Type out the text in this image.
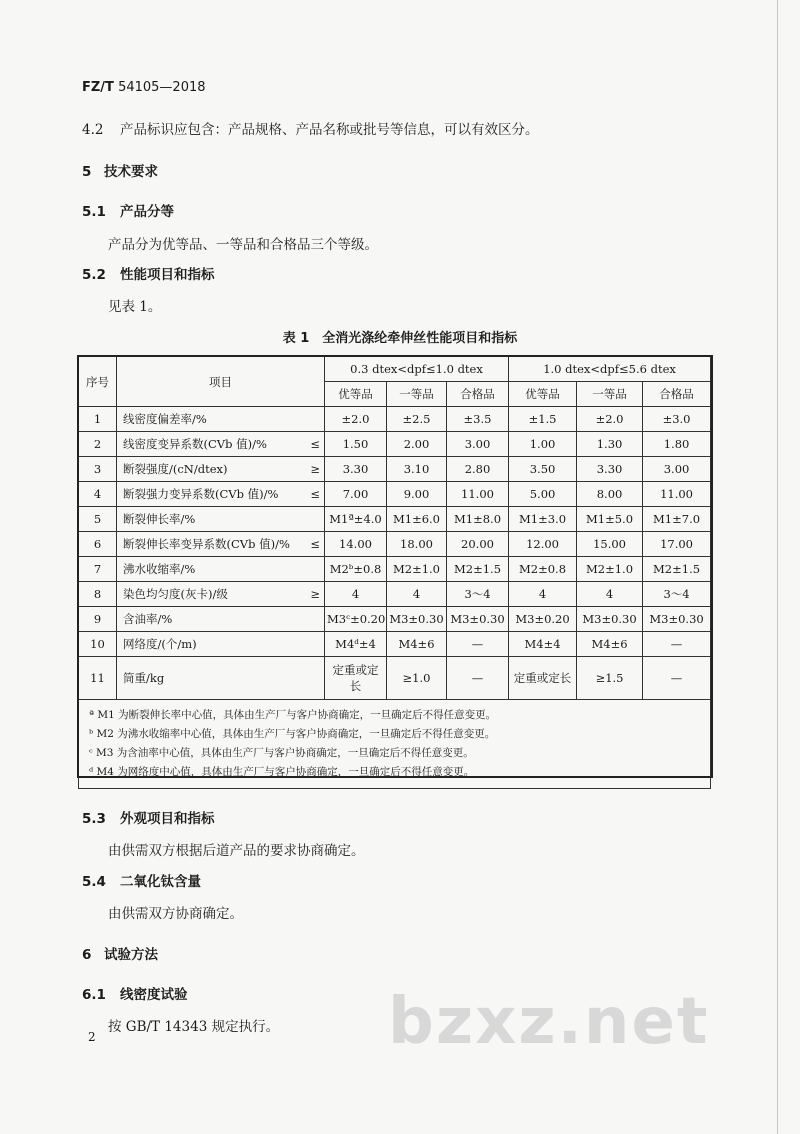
FZ/T 54105—2018
4.2 产品标识应包含：产品规格、产品名称或批号等信息，可以有效区分。
5 技术要求
5.1 产品分等
产品分为优等品、一等品和合格品三个等级。
5.2 性能项目和指标
见表 1。
表 1　全消光涤纶牵伸丝性能项目和指标
序号	项目	0.3 dtex<dpf≤1.0 dtex			1.0 dtex<dpf≤5.6 dtex		
		优等品	一等品	合格品	优等品	一等品	合格品
1	线密度偏差率/%	±2.0	±2.5	±3.5	±1.5	±2.0	±3.0
2	线密度变异系数(CVb 值)/% ≤	1.50	2.00	3.00	1.00	1.30	1.80
3	断裂强度/(cN/dtex) ≥	3.30	3.10	2.80	3.50	3.30	3.00
4	断裂强力变异系数(CVb 值)/% ≤	7.00	9.00	11.00	5.00	8.00	11.00
5	断裂伸长率/%	M1ª±4.0	M1±6.0	M1±8.0	M1±3.0	M1±5.0	M1±7.0
6	断裂伸长率变异系数(CVb 值)/% ≤	14.00	18.00	20.00	12.00	15.00	17.00
7	沸水收缩率/%	M2ᵇ±0.8	M2±1.0	M2±1.5	M2±0.8	M2±1.0	M2±1.5
8	染色均匀度(灰卡)/级 ≥	4	4	3～4	4	4	3～4
9	含油率/%	M3ᶜ±0.20	M3±0.30	M3±0.30	M3±0.20	M3±0.30	M3±0.30
10	网络度/(个/m)	M4ᵈ±4	M4±6	—	M4±4	M4±6	—
11	筒重/kg	定重或定长	≥1.0	—	定重或定长	≥1.5	—

ª M1 为断裂伸长率中心值，具体由生产厂与客户协商确定，一旦确定后不得任意变更。
ᵇ M2 为沸水收缩率中心值，具体由生产厂与客户协商确定，一旦确定后不得任意变更。
ᶜ M3 为含油率中心值，具体由生产厂与客户协商确定，一旦确定后不得任意变更。
ᵈ M4 为网络度中心值，具体由生产厂与客户协商确定，一旦确定后不得任意变更。							
5.3 外观项目和指标
由供需双方根据后道产品的要求协商确定。
5.4 二氧化钛含量
由供需双方协商确定。
6 试验方法
6.1 线密度试验
按 GB/T 14343 规定执行。
2	bzxz.net
